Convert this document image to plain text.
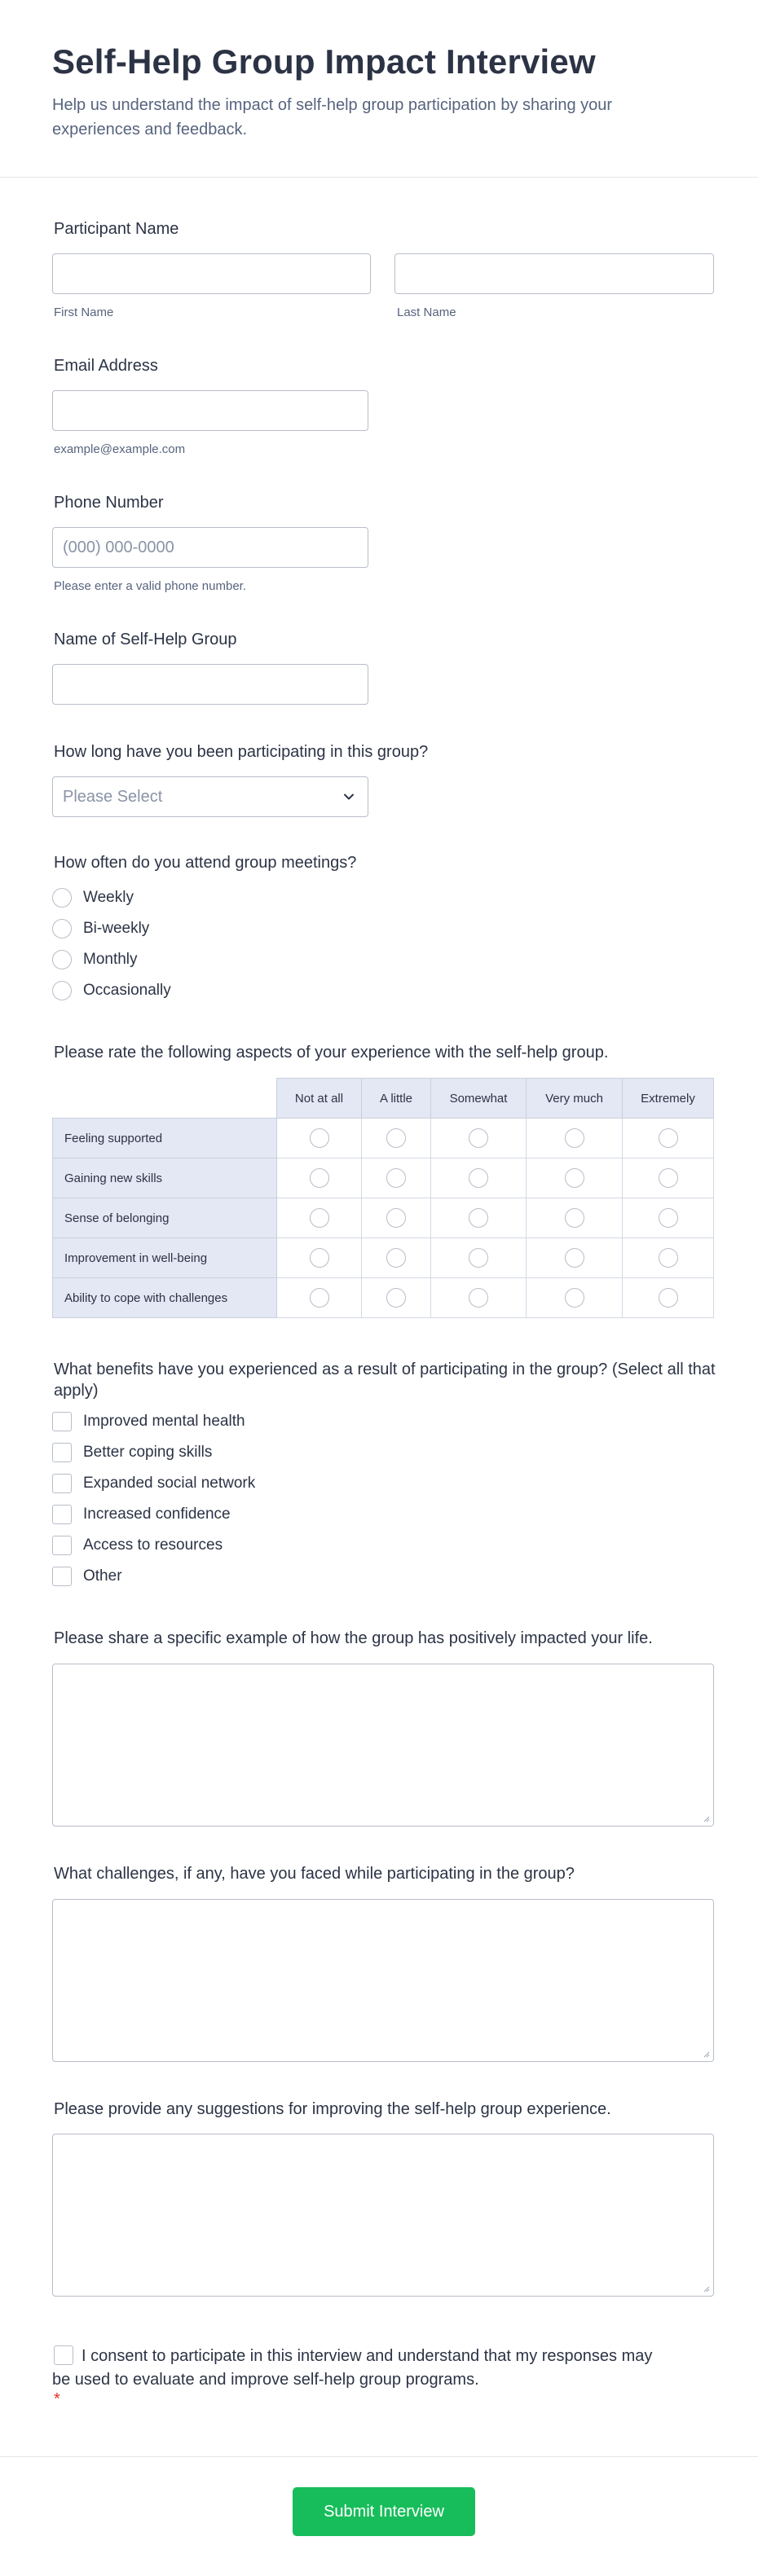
Self-Help Group Impact Interview

Help us understand the impact of self-help group participation by sharing your experiences and feedback.

Participant Name
First Name	Last Name
Email Address
example@example.com
Phone Number
(000) 000-0000
Please enter a valid phone number.
Name of Self-Help Group
How long have you been participating in this group?
Please Select
How often do you attend group meetings?
Weekly
Bi-weekly
Monthly
Occasionally
Please rate the following aspects of your experience with the self-help group.
	Not at all	A little	Somewhat	Very much	Extremely
Feeling supported					
Gaining new skills					
Sense of belonging					
Improvement in well-being					
Ability to cope with challenges					
What benefits have you experienced as a result of participating in the group? (Select all that apply)
Improved mental health
Better coping skills
Expanded social network
Increased confidence
Access to resources
Other
Please share a specific example of how the group has positively impacted your life.
What challenges, if any, have you faced while participating in the group?
Please provide any suggestions for improving the self-help group experience.
I consent to participate in this interview and understand that my responses may be used to evaluate and improve self-help group programs.
*
Submit Interview
